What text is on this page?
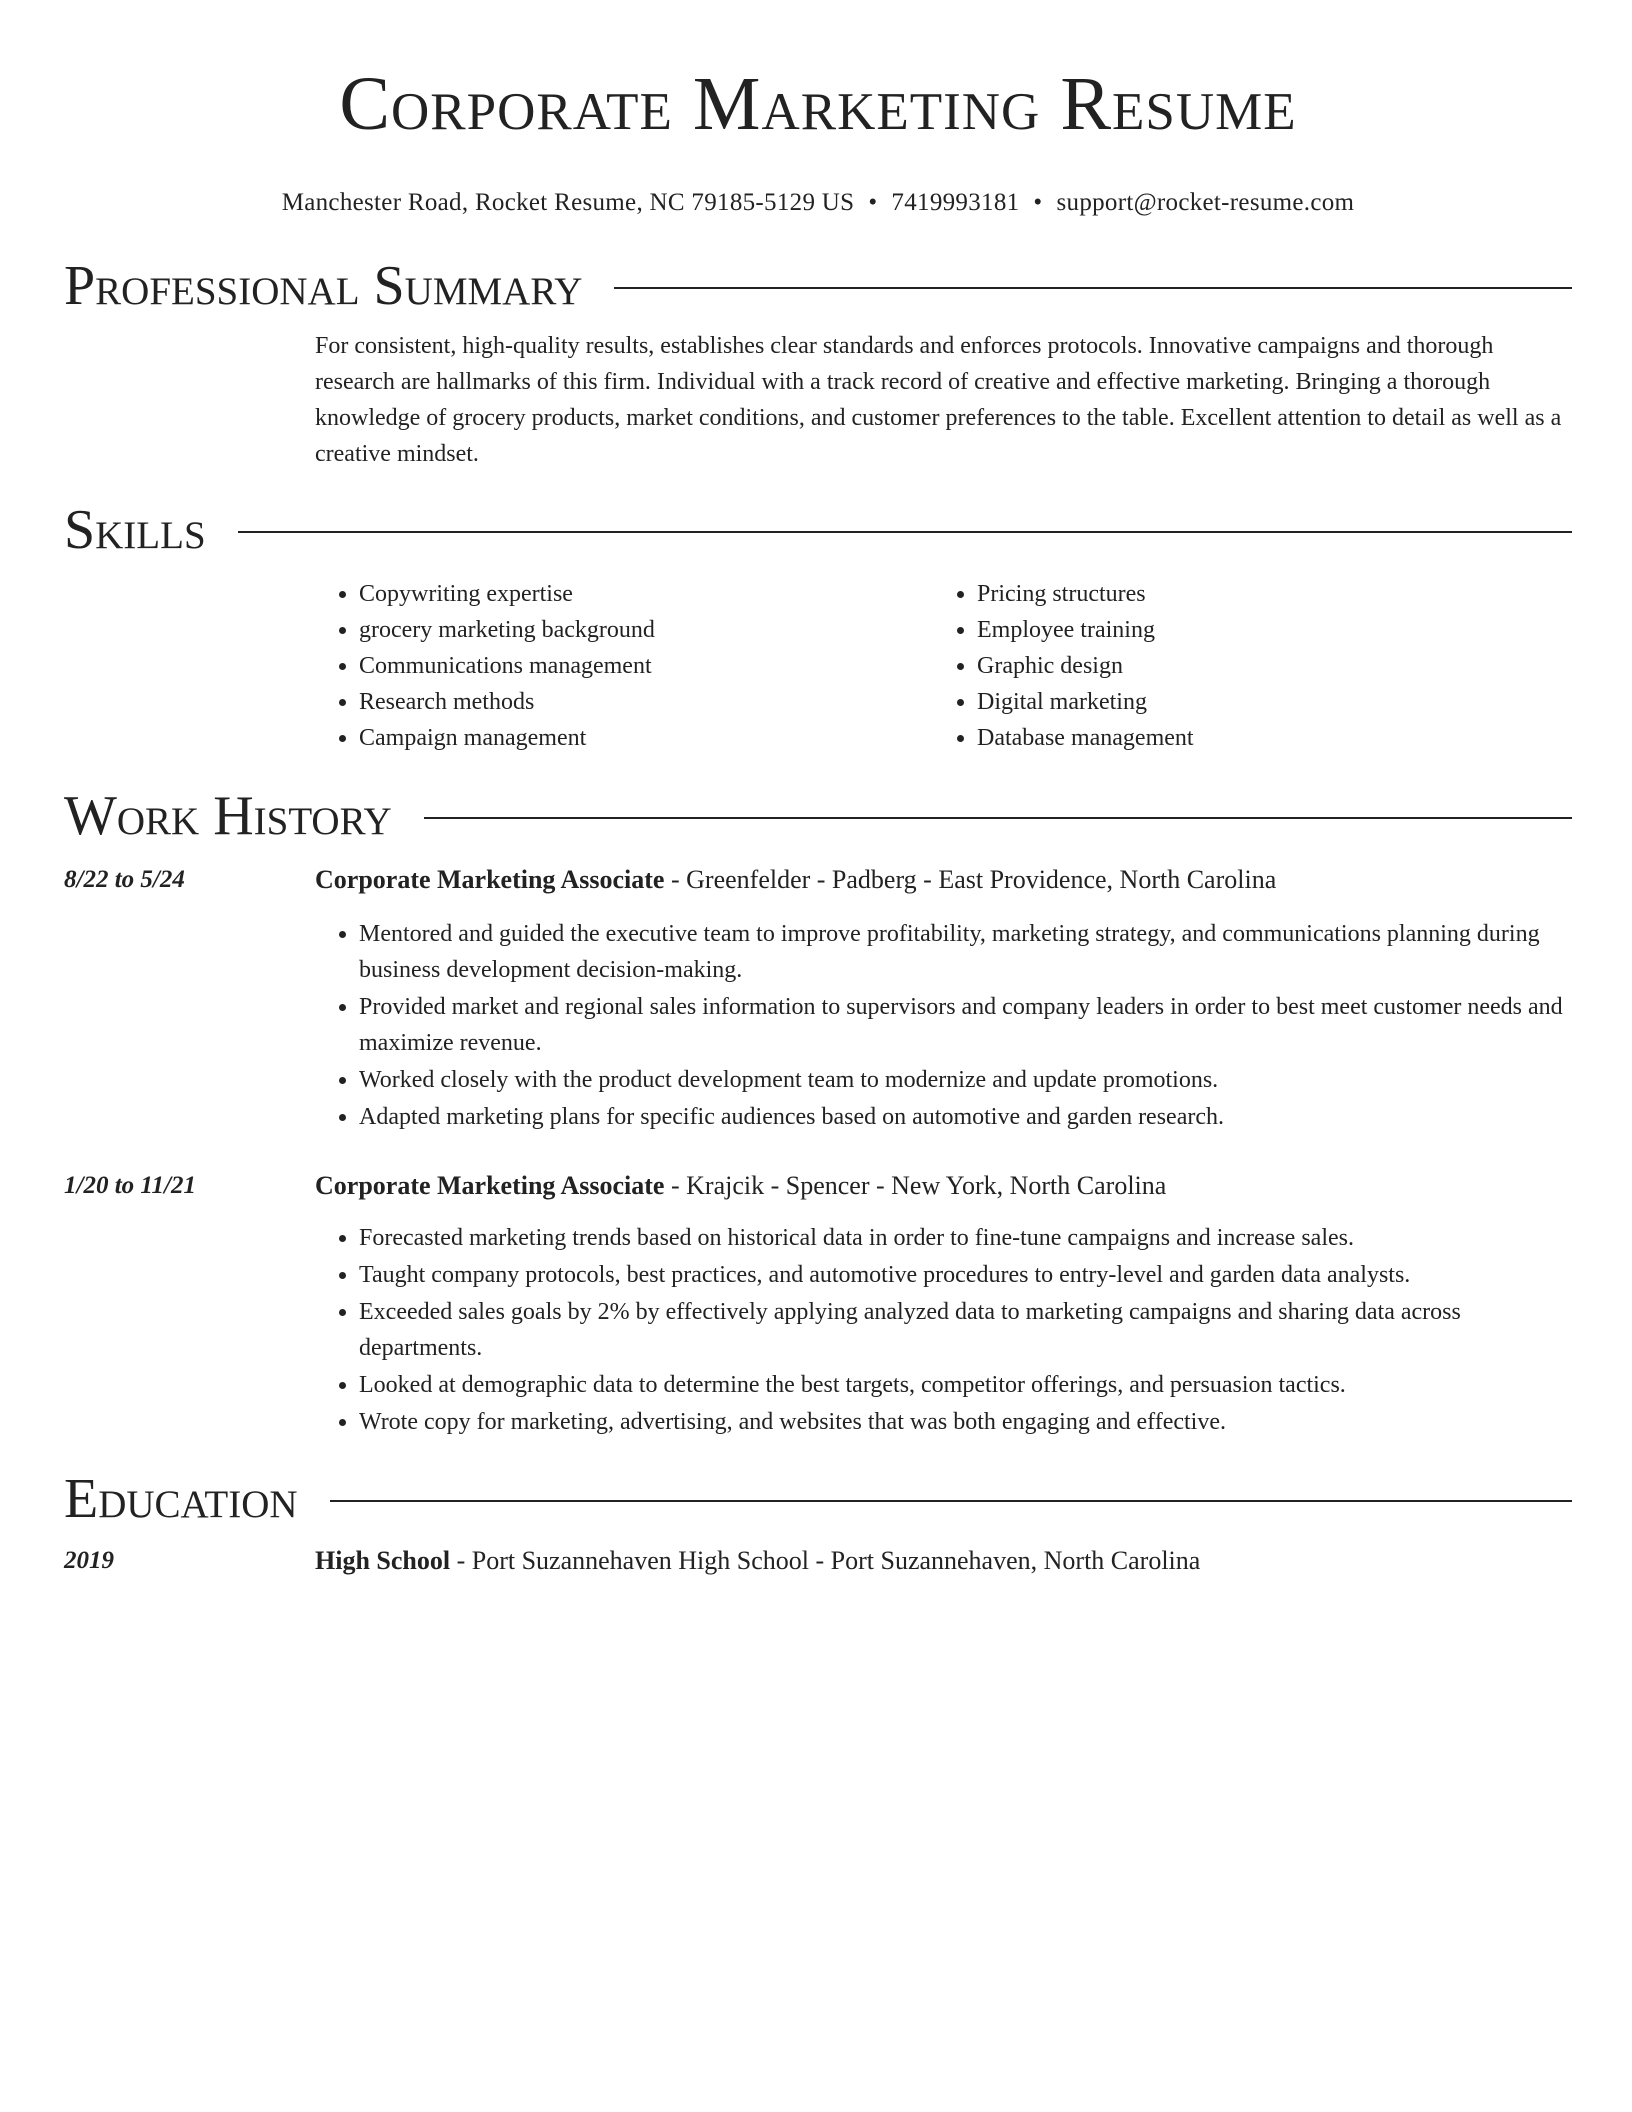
Corporate Marketing Resume
Manchester Road, Rocket Resume, NC 79185-5129 US • 7419993181 • support@rocket-resume.com
Professional Summary

For consistent, high-quality results, establishes clear standards and enforces protocols. Innovative campaigns and thorough research are hallmarks of this firm. Individual with a track record of creative and effective marketing. Bringing a thorough knowledge of grocery products, market conditions, and customer preferences to the table. Excellent attention to detail as well as a creative mindset.

Skills
• Copywriting expertise
• grocery marketing background
• Communications management
• Research methods
• Campaign management
• Pricing structures
• Employee training
• Graphic design
• Digital marketing
• Database management
Work History
8/22 to 5/24	Corporate Marketing Associate - Greenfelder - Padberg - East Providence, North Carolina
• Mentored and guided the executive team to improve profitability, marketing strategy, and communications planning during business development decision-making.
• Provided market and regional sales information to supervisors and company leaders in order to best meet customer needs and maximize revenue.
• Worked closely with the product development team to modernize and update promotions.
• Adapted marketing plans for specific audiences based on automotive and garden research.
1/20 to 11/21	Corporate Marketing Associate - Krajcik - Spencer - New York, North Carolina
• Forecasted marketing trends based on historical data in order to fine-tune campaigns and increase sales.
• Taught company protocols, best practices, and automotive procedures to entry-level and garden data analysts.
• Exceeded sales goals by 2% by effectively applying analyzed data to marketing campaigns and sharing data across departments.
• Looked at demographic data to determine the best targets, competitor offerings, and persuasion tactics.
• Wrote copy for marketing, advertising, and websites that was both engaging and effective.
Education
2019	High School - Port Suzannehaven High School - Port Suzannehaven, North Carolina
